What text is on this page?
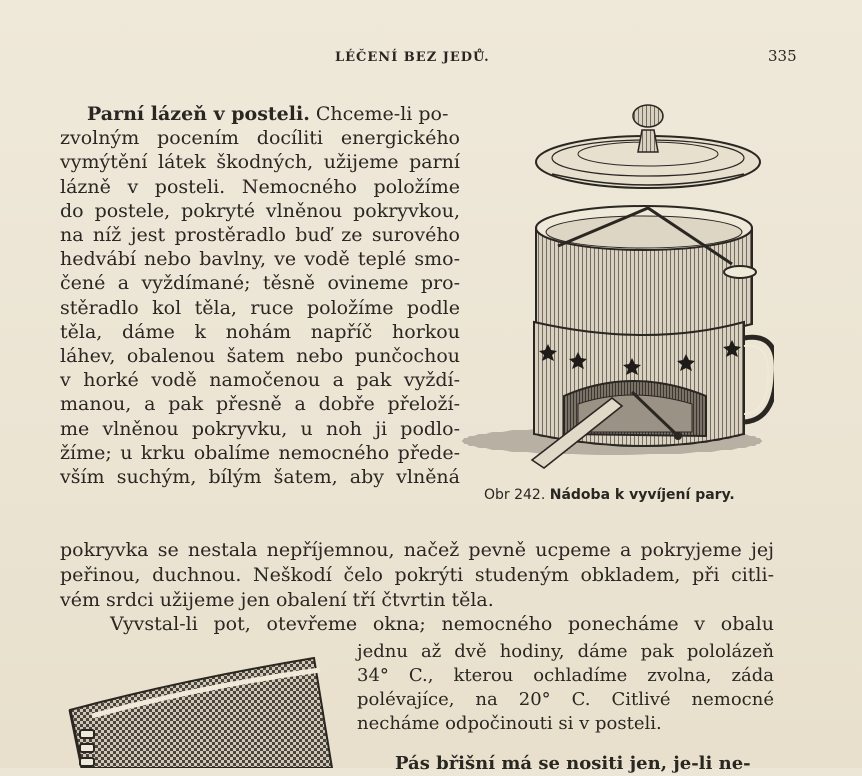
LÉČENÍ BEZ JEDŮ.	335
Parní lázeň v posteli. Chceme-li po-
zvolným pocením docíliti energického
vymýtění látek škodných, užijeme parní
lázně v posteli. Nemocného položíme
do postele, pokryté vlněnou pokryvkou,
na níž jest prostěradlo buď ze surového
hedvábí nebo bavlny, ve vodě teplé smo-
čené a vyždímané; těsně ovineme pro-
stěradlo kol těla, ruce položíme podle
těla, dáme k nohám napříč horkou
láhev, obalenou šatem nebo punčochou
v horké vodě namočenou a pak vyždí-
manou, a pak přesně a dobře přeloží-
me vlněnou pokryvku, u noh ji podlo-
žíme; u krku obalíme nemocného přede-
vším suchým, bílým šatem, aby vlněná
Obr 242. Nádoba k vyvíjení pary.
pokryvka se nestala nepříjemnou, načež pevně ucpeme a pokryjeme jej
peřinou, duchnou. Neškodí čelo pokrýti studeným obkladem, při citli-
vém srdci užijeme jen obalení tří čtvrtin těla.
Vyvstal-li pot, otevřeme okna; nemocného ponecháme v obalu
jednu až dvě hodiny, dáme pak pololázeň
34° C., kterou ochladíme zvolna, záda
polévajíce, na 20° C. Citlivé nemocné
necháme odpočinouti si v posteli.
Pás břišní má se nositi jen, je-li ne-
